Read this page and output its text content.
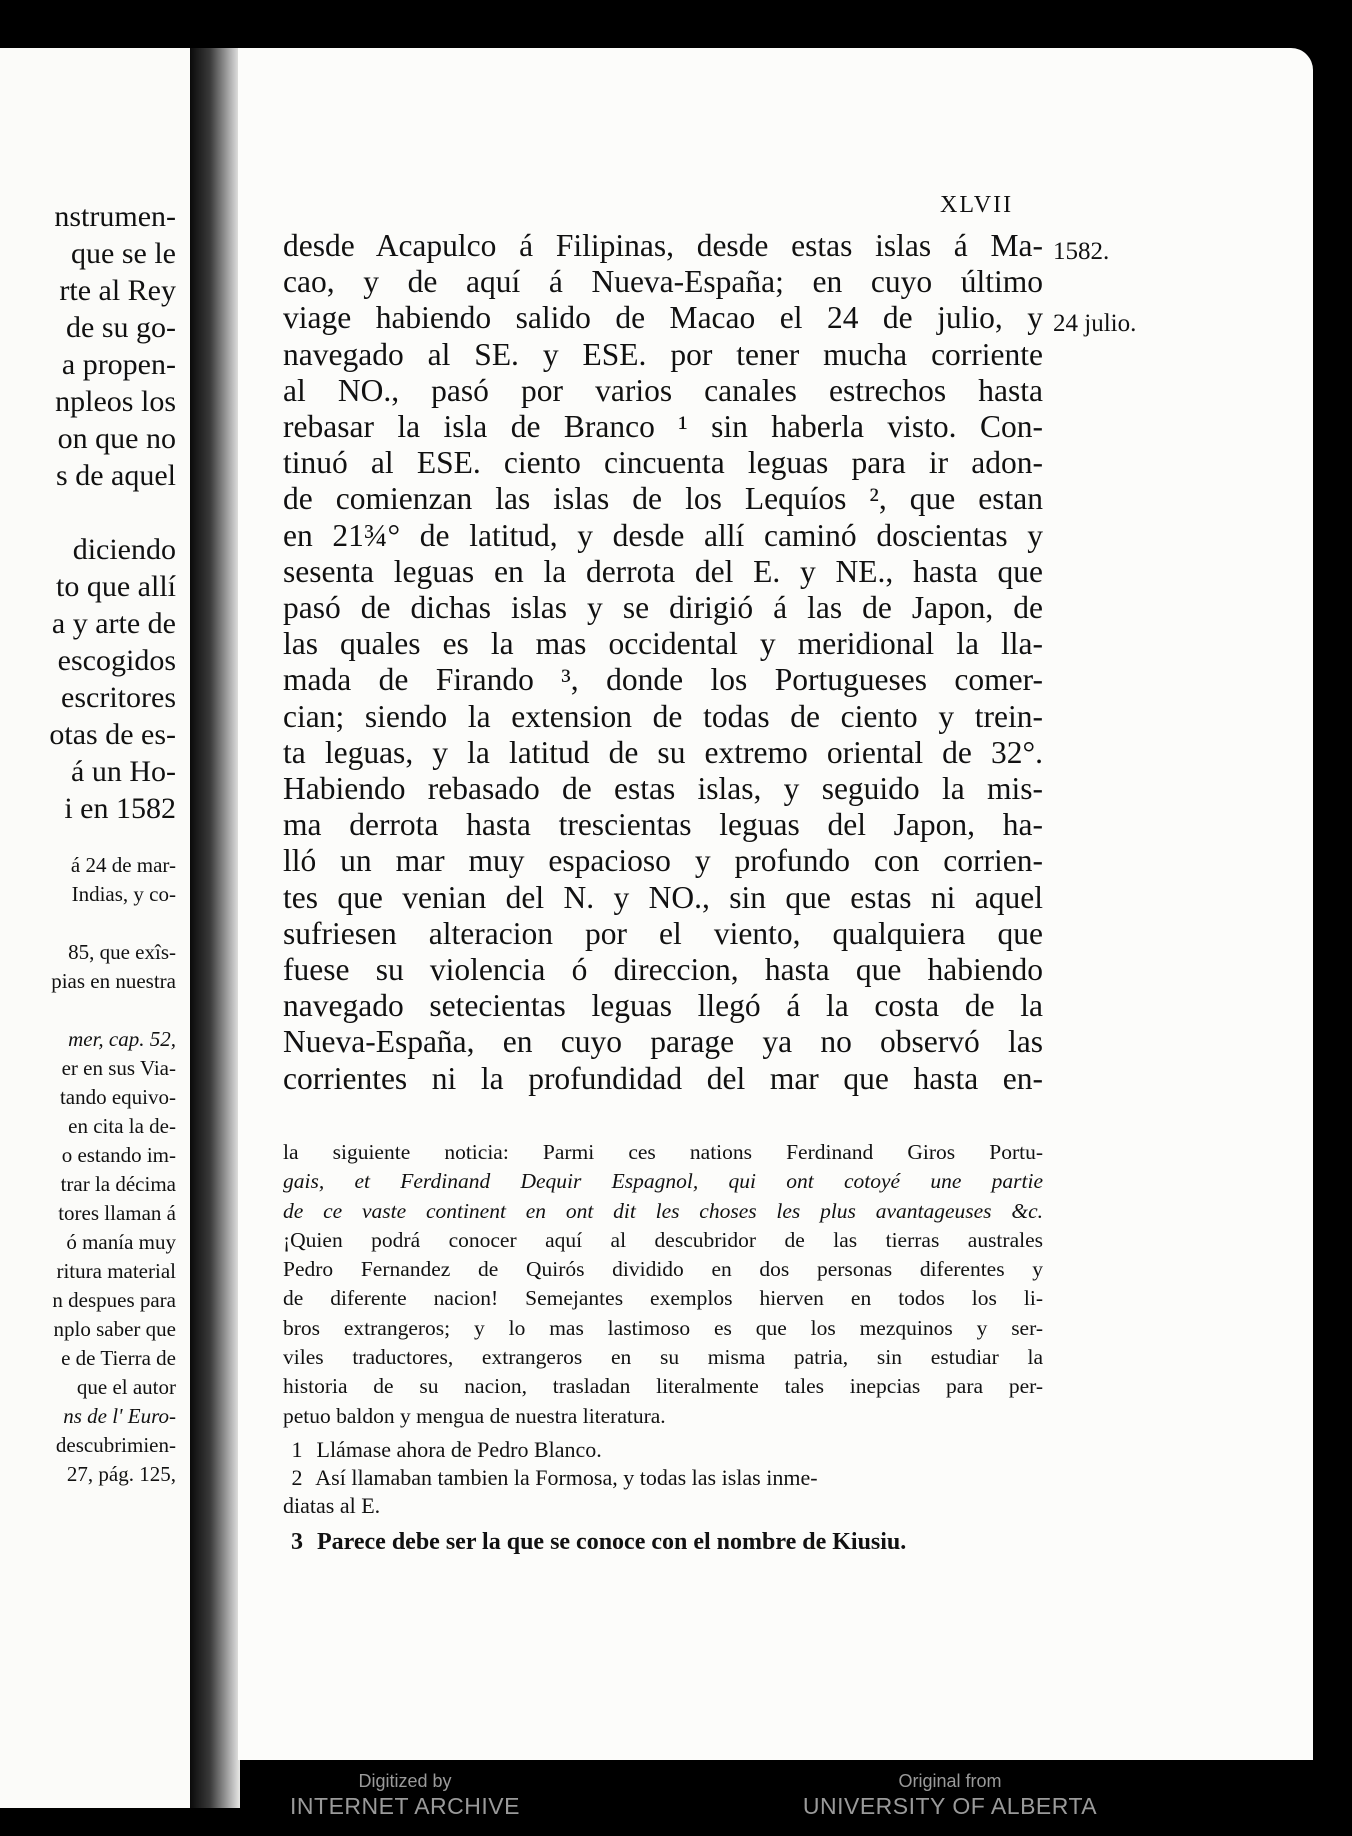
nstrumen-
que se le
rte al Rey
de su go-
a propen-
npleos los
on que no
s de aquel

diciendo
to que allí
a y arte de
escogidos
escritores
otas de es-
á un Ho-
i en 1582
á 24 de mar-
Indias, y co-

85, que exîs-
pias en nuestra

mer, cap. 52,
er en sus Via-
tando equivo-
en cita la de-
o estando im-
trar la décima
tores llaman á
ó manía muy
ritura material
n despues para
nplo saber que
e de Tierra de
que el autor
ns de l' Euro-
descubrimien-
27, pág. 125,
XLVII
1582.
24 julio.
desde Acapulco á Filipinas, desde estas islas á Ma-
cao, y de aquí á Nueva-España; en cuyo último
viage habiendo salido de Macao el 24 de julio, y
navegado al SE. y ESE. por tener mucha corriente
al NO., pasó por varios canales estrechos hasta
rebasar la isla de Branco ¹ sin haberla visto. Con-
tinuó al ESE. ciento cincuenta leguas para ir adon-
de comienzan las islas de los Lequíos ², que estan
en 21¾° de latitud, y desde allí caminó doscientas y
sesenta leguas en la derrota del E. y NE., hasta que
pasó de dichas islas y se dirigió á las de Japon, de
las quales es la mas occidental y meridional la lla-
mada de Firando ³, donde los Portugueses comer-
cian; siendo la extension de todas de ciento y trein-
ta leguas, y la latitud de su extremo oriental de 32°.
Habiendo rebasado de estas islas, y seguido la mis-
ma derrota hasta trescientas leguas del Japon, ha-
lló un mar muy espacioso y profundo con corrien-
tes que venian del N. y NO., sin que estas ni aquel
sufriesen alteracion por el viento, qualquiera que
fuese su violencia ó direccion, hasta que habiendo
navegado setecientas leguas llegó á la costa de la
Nueva-España, en cuyo parage ya no observó las
corrientes ni la profundidad del mar que hasta en-
la siguiente noticia: Parmi ces nations Ferdinand Giros Portu-
gais, et Ferdinand Dequir Espagnol, qui ont cotoyé une partie
de ce vaste continent en ont dit les choses les plus avantageuses &c.
¡Quien podrá conocer aquí al descubridor de las tierras australes
Pedro Fernandez de Quirós dividido en dos personas diferentes y
de diferente nacion! Semejantes exemplos hierven en todos los li-
bros extrangeros; y lo mas lastimoso es que los mezquinos y ser-
viles traductores, extrangeros en su misma patria, sin estudiar la
historia de su nacion, trasladan literalmente tales inepcias para per-
petuo baldon y mengua de nuestra literatura.
1 Llámase ahora de Pedro Blanco.
2 Así llamaban tambien la Formosa, y todas las islas inme-
diatas al E.
3 Parece debe ser la que se conoce con el nombre de Kiusiu.
Digitized by
INTERNET ARCHIVE
Original from
UNIVERSITY OF ALBERTA
